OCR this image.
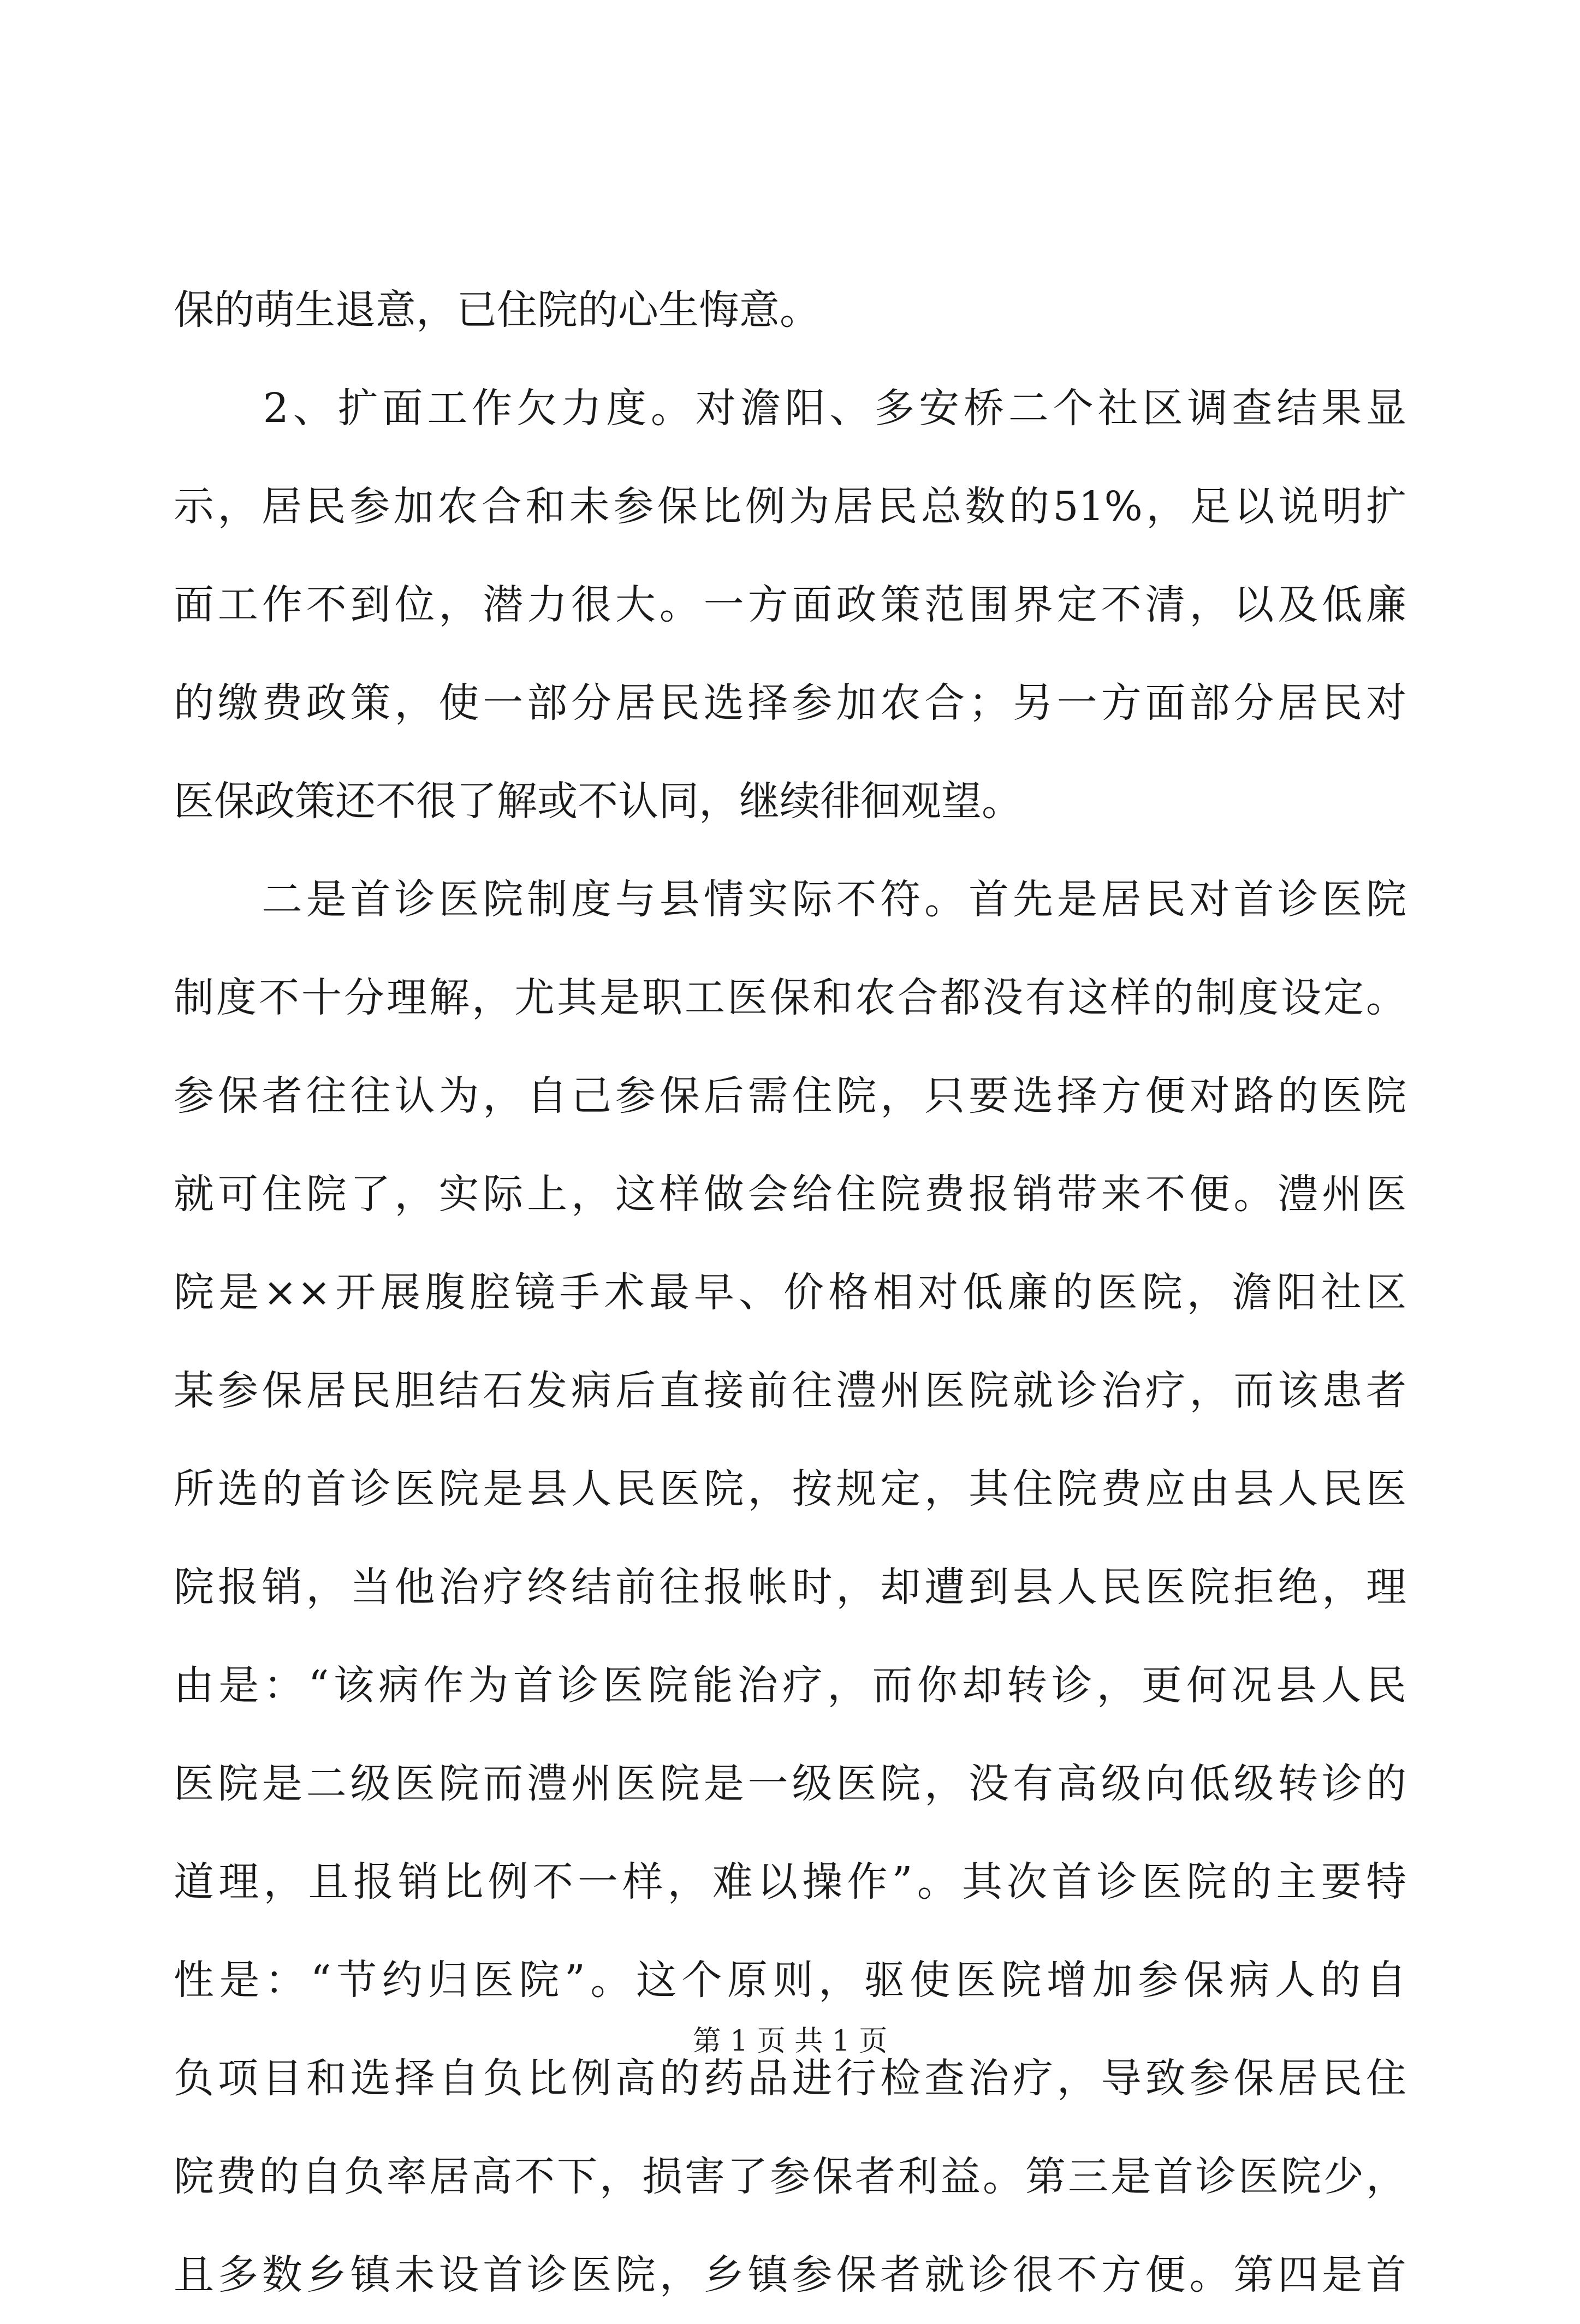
保的萌生退意，已住院的心生悔意。
　　2、扩面工作欠力度。对澹阳、多安桥二个社区调查结果显
示，居民参加农合和未参保比例为居民总数的51%，足以说明扩
面工作不到位，潜力很大。一方面政策范围界定不清，以及低廉
的缴费政策，使一部分居民选择参加农合；另一方面部分居民对
医保政策还不很了解或不认同，继续徘徊观望。
　　二是首诊医院制度与县情实际不符。首先是居民对首诊医院
制度不十分理解，尤其是职工医保和农合都没有这样的制度设定。
参保者往往认为，自己参保后需住院，只要选择方便对路的医院
就可住院了，实际上，这样做会给住院费报销带来不便。澧州医
院是××开展腹腔镜手术最早、价格相对低廉的医院，澹阳社区
某参保居民胆结石发病后直接前往澧州医院就诊治疗，而该患者
所选的首诊医院是县人民医院，按规定，其住院费应由县人民医
院报销，当他治疗终结前往报帐时，却遭到县人民医院拒绝，理
由是：“该病作为首诊医院能治疗，而你却转诊，更何况县人民
医院是二级医院而澧州医院是一级医院，没有高级向低级转诊的
道理，且报销比例不一样，难以操作”。其次首诊医院的主要特
性是：“节约归医院”。这个原则，驱使医院增加参保病人的自
负项目和选择自负比例高的药品进行检查治疗，导致参保居民住
院费的自负率居高不下，损害了参保者利益。第三是首诊医院少，
且多数乡镇未设首诊医院，乡镇参保者就诊很不方便。第四是首
第 1 页 共 1 页
